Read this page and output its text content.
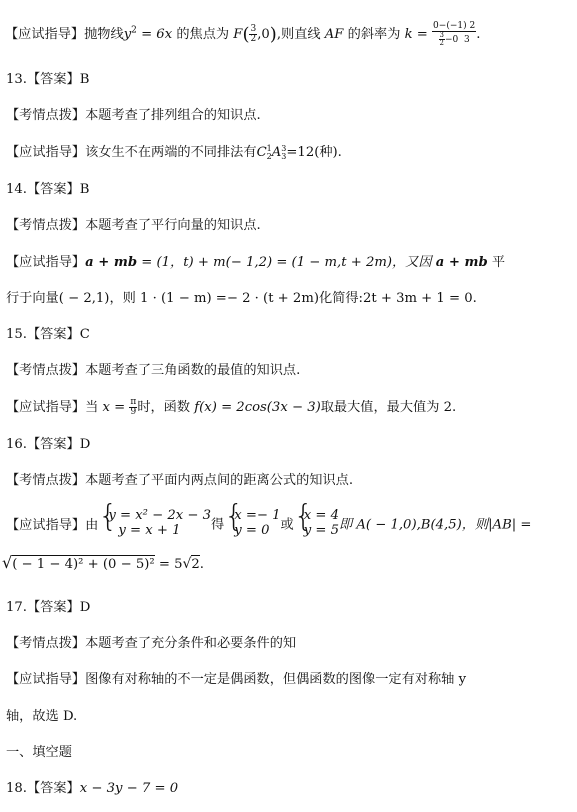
【应试指导】抛物线$y^2 = 6x$ 的焦点为 $F( \frac{3}{2} ,0)$,则直线 AF 的斜率为 $k = \frac{0-(-1) 2}{\frac{3}{2} -0 3}$ .
13.【答案】B
【考情点拨】本题考查了排列组合的知识点.
【应试指导】该女生不在两端的不同排法有C 1
2 A 3
3 =12(种).
14.【答案】B
【考情点拨】本题考查了平行向量的知识点.
【应试指导】a + mb = (1，t) + m(− 1,2) = (1 − m,t + 2m)，又因 a + mb 平
行于向量( − 2,1)，则 1 · (1 − m) =− 2 · (t + 2m)化简得:2t + 3m + 1 = 0.
15.【答案】C
【考情点拨】本题考查了三角函数的最值的知识点.
【应试指导】当 $x = \frac{\pi}{9}$ 时，函数 f(x) = 2cos(3x − 3)取最大值，最大值为 2.
16.【答案】D
【考情点拨】本题考查了平面内两点间的距离公式的知识点.
【应试指导】由 {
y = x² − 2x − 3
y = x + 1	得 {
x =− 1
y = 0 或 {
x = 4
y = 5 即 A( − 1,0),B(4,5)，则|AB| =
√( − 1 − 4)² + (0 − 5)² = 5√2.
17.【答案】D
【考情点拨】本题考查了充分条件和必要条件的知
【应试指导】图像有对称轴的不一定是偶函数，但偶函数的图像一定有对称轴 y
轴，故选 D.
一、填空题
18.【答案】x − 3y − 7 = 0
